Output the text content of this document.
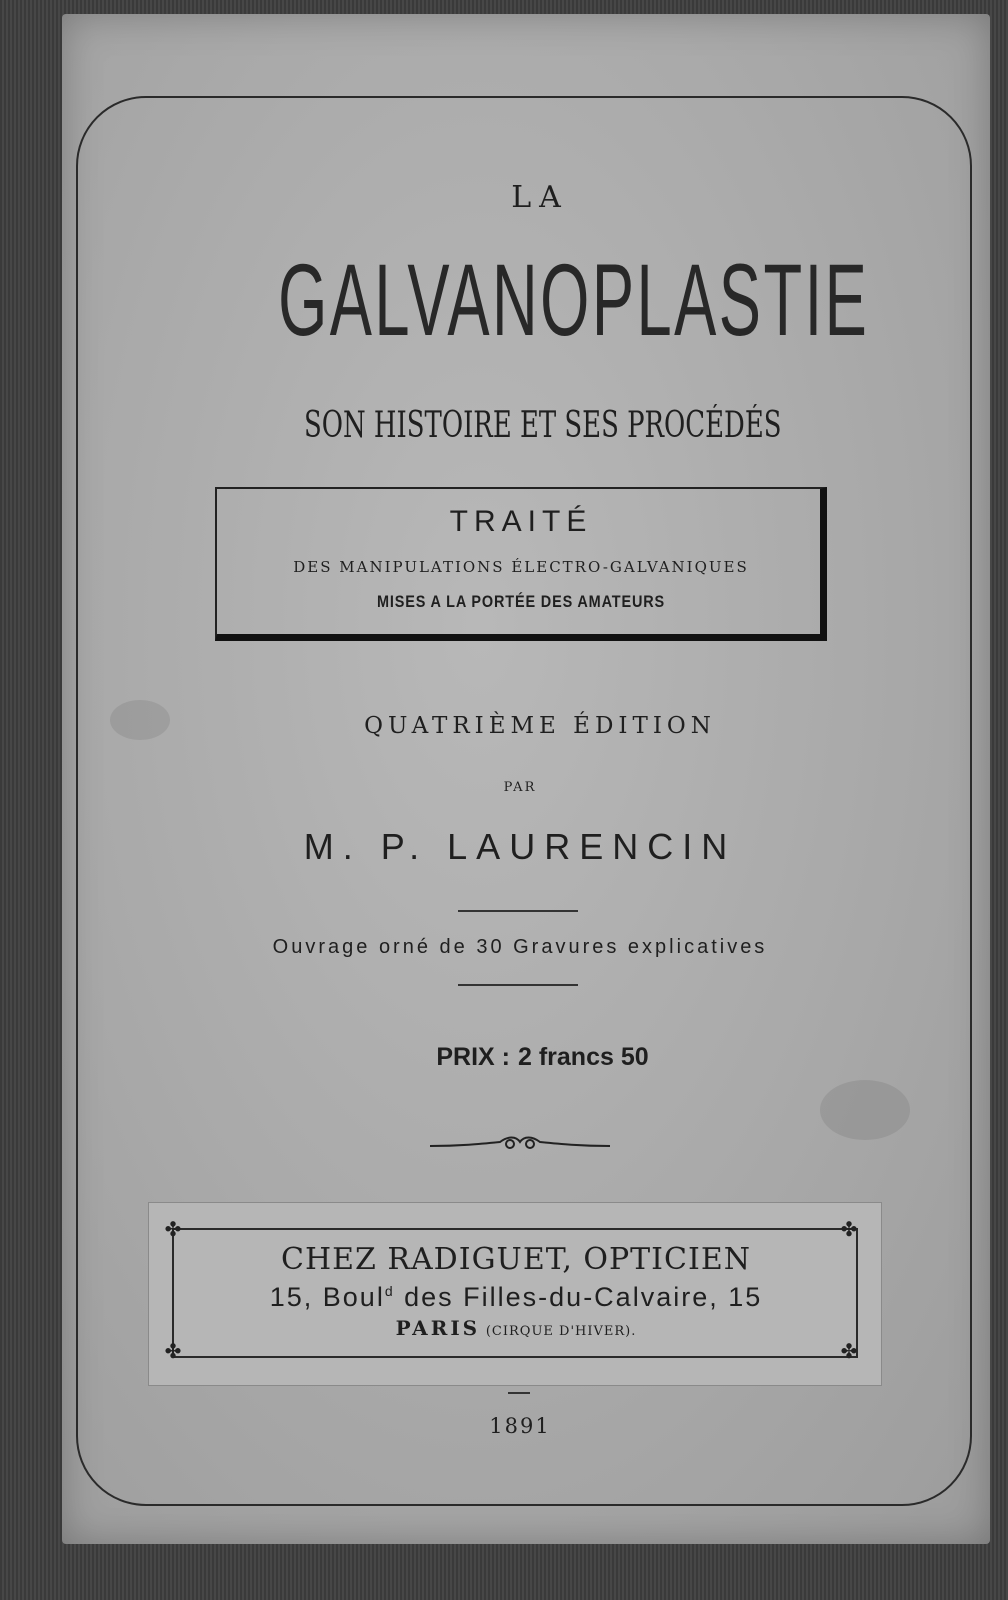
LA
GALVANOPLASTIE
SON HISTOIRE ET SES PROCÉDÉS
TRAITÉ
DES MANIPULATIONS ÉLECTRO-GALVANIQUES
MISES A LA PORTÉE DES AMATEURS
QUATRIÈME ÉDITION
PAR
M. P. LAURENCIN
Ouvrage orné de 30 Gravures explicatives
PRIX : 2 francs 50
✤	✤
✤	✤
CHEZ RADIGUET, OPTICIEN
15, Boul$^d$ des Filles-du-Calvaire, 15
PARIS (CIRQUE D'HIVER).
1891
